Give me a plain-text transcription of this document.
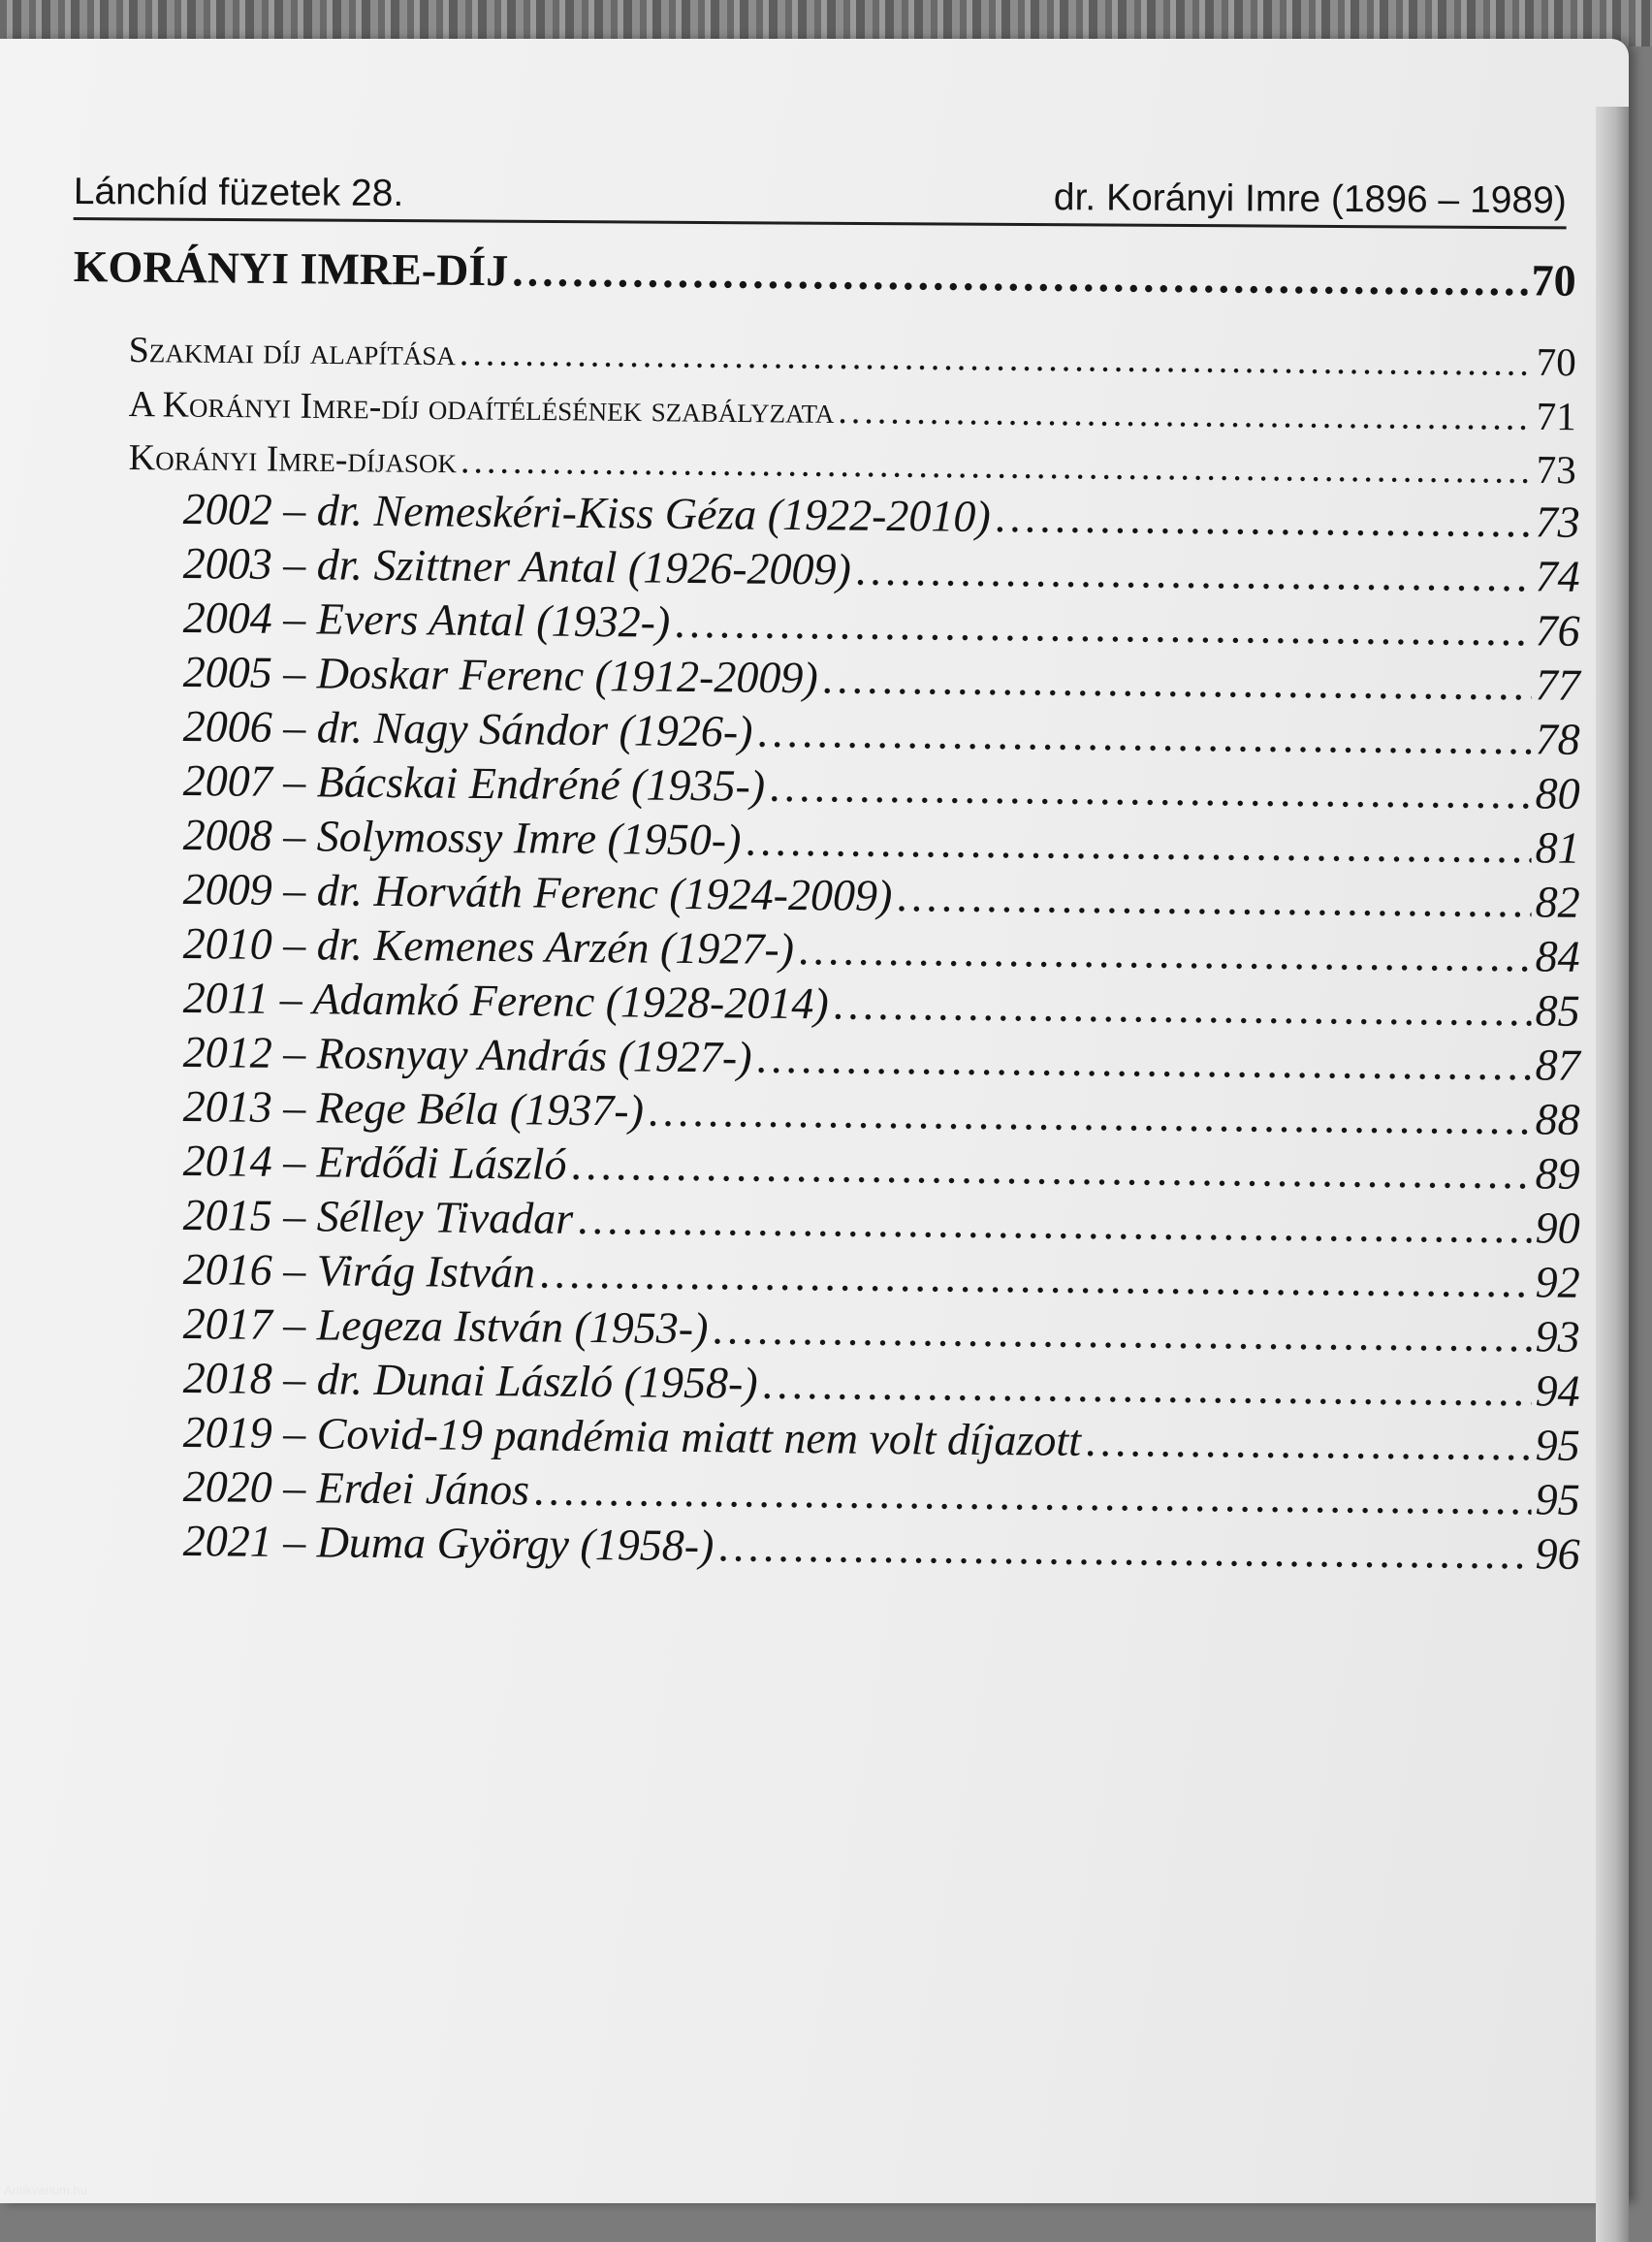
Lánchíd füzetek 28.	dr. Korányi Imre (1896 – 1989)
KORÁNYI IMRE-DÍJ .....	70
Szakmai díj alapítása .....	70
A Korányi Imre-díj odaítélésének szabályzata .....	71
Korányi Imre-díjasok .....	73
2002 – dr. Nemeskéri-Kiss Géza (1922-2010) .....	73
2003 – dr. Szittner Antal (1926-2009) .....	74
2004 – Evers Antal (1932-) .....	76
2005 – Doskar Ferenc (1912-2009) .....	77
2006 – dr. Nagy Sándor (1926-) .....	78
2007 – Bácskai Endréné (1935-) .....	80
2008 – Solymossy Imre (1950-) .....	81
2009 – dr. Horváth Ferenc (1924-2009) .....	82
2010 – dr. Kemenes Arzén (1927-) .....	84
2011 – Adamkó Ferenc (1928-2014) .....	85
2012 – Rosnyay András (1927-) .....	87
2013 – Rege Béla (1937-) .....	88
2014 – Erdődi László .....	89
2015 – Sélley Tivadar .....	90
2016 – Virág István .....	92
2017 – Legeza István (1953-) .....	93
2018 – dr. Dunai László (1958-) .....	94
2019 – Covid-19 pandémia miatt nem volt díjazott .....	95
2020 – Erdei János .....	95
2021 – Duma György (1958-) .....	96
Antikvarium.hu
